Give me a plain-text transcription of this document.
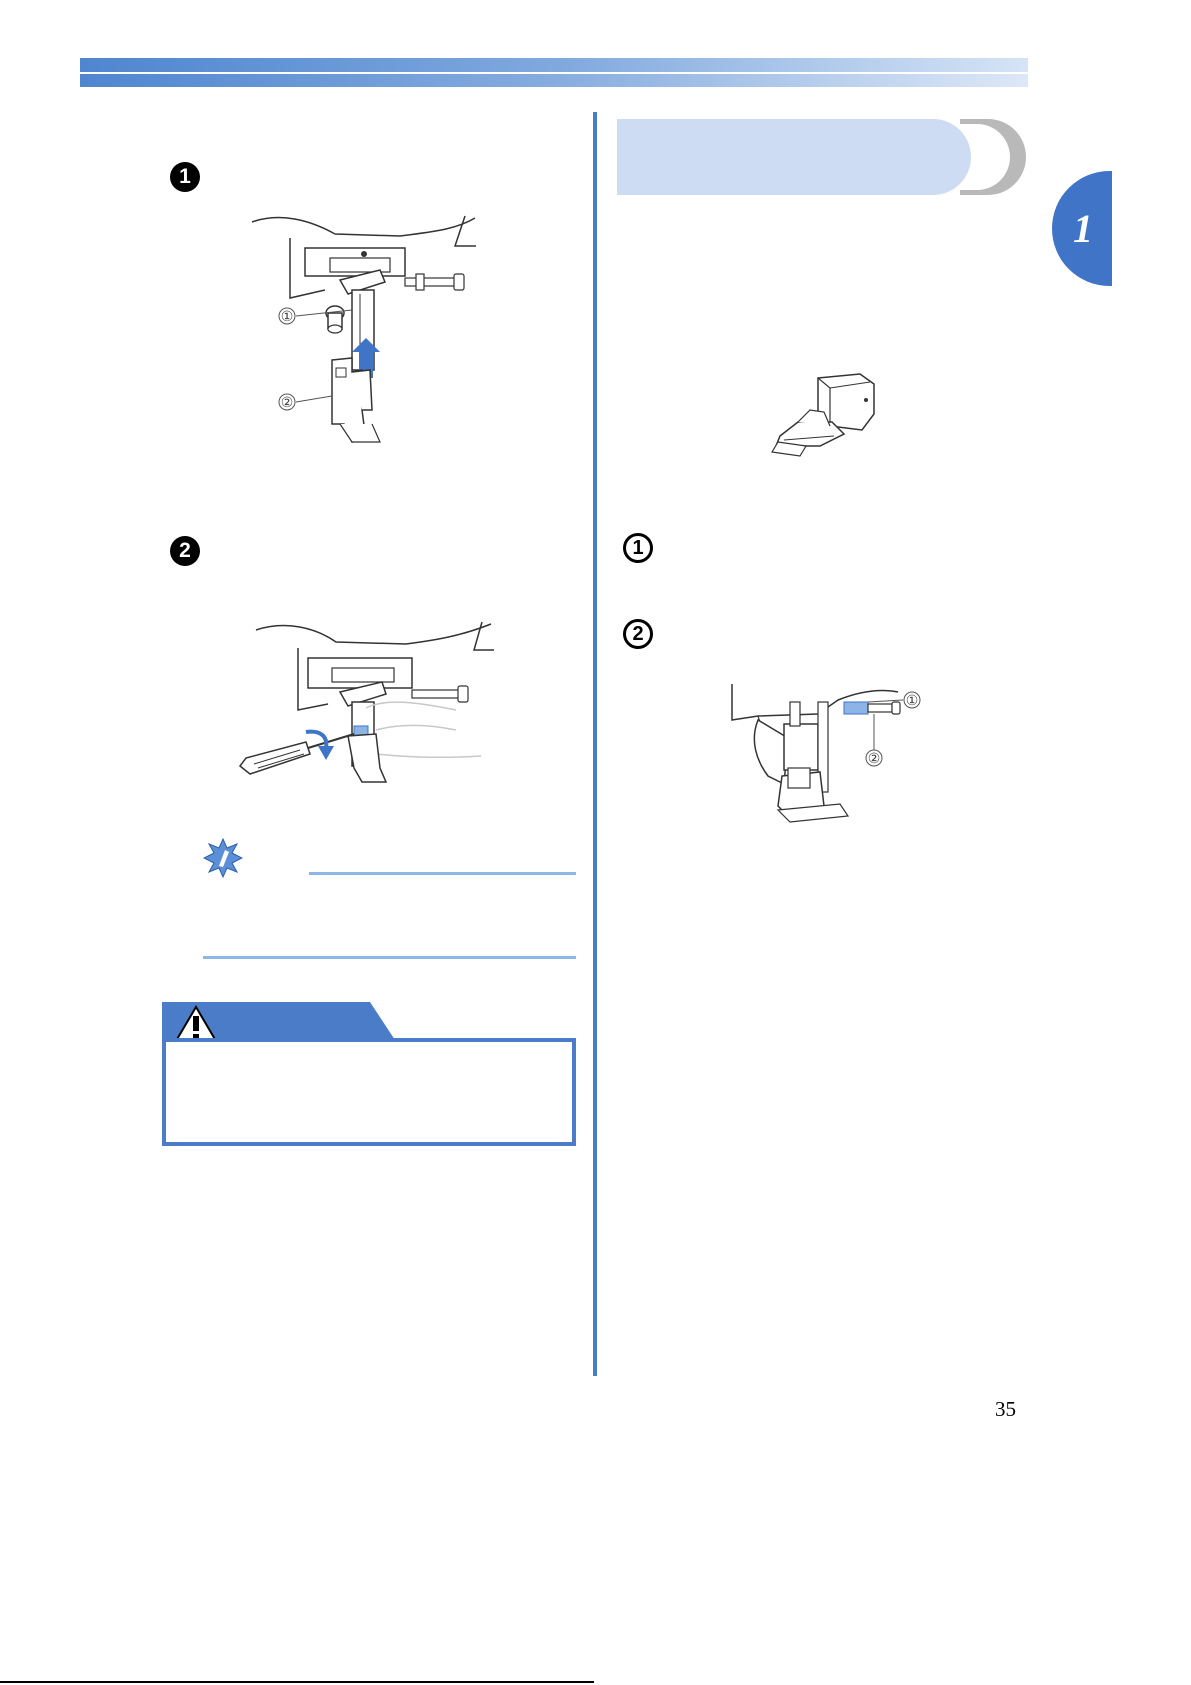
1
1
①
②
2	1
2
①
②
35
